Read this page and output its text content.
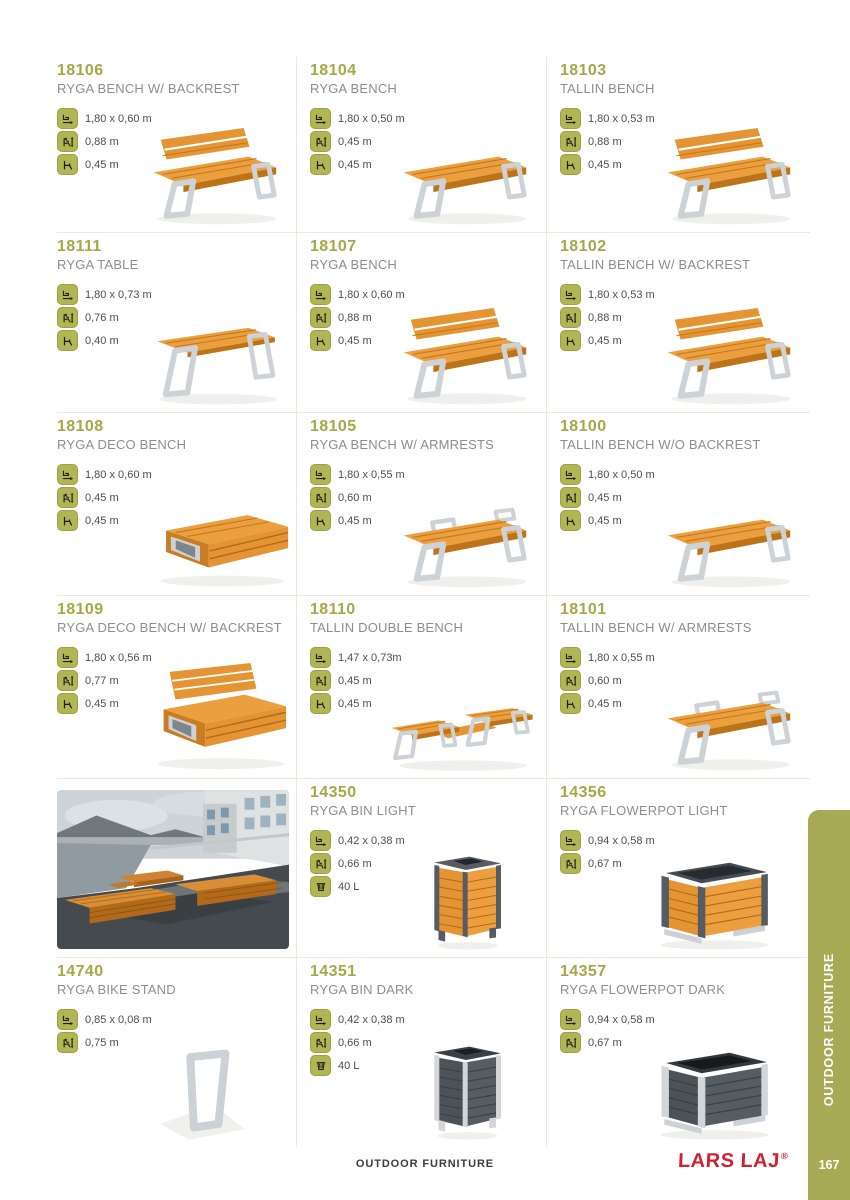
18106
RYGA BENCH W/ BACKREST
1,80 x 0,60 m
0,88 m
0,45 m
18104
RYGA BENCH
1,80 x 0,50 m
0,45 m
0,45 m
18103
TALLIN BENCH
1,80 x 0,53 m
0,88 m
0,45 m
18111
RYGA TABLE
1,80 x 0,73 m
0,76 m
0,40 m
18107
RYGA BENCH
1,80 x 0,60 m
0,88 m
0,45 m
18102
TALLIN BENCH W/ BACKREST
1,80 x 0,53 m
0,88 m
0,45 m
18108
RYGA DECO BENCH
1,80 x 0,60 m
0,45 m
0,45 m
18105
RYGA BENCH W/ ARMRESTS
1,80 x 0,55 m
0,60 m
0,45 m
18100
TALLIN BENCH W/O BACKREST
1,80 x 0,50 m
0,45 m
0,45 m
18109
RYGA DECO BENCH W/ BACKREST
1,80 x 0,56 m
0,77 m
0,45 m
18110
TALLIN DOUBLE BENCH
1,47 x 0,73m
0,45 m
0,45 m
18101
TALLIN BENCH W/ ARMRESTS
1,80 x 0,55 m
0,60 m
0,45 m
14350
RYGA BIN LIGHT
0,42 x 0,38 m
0,66 m
40 L
14356
RYGA FLOWERPOT LIGHT
0,94 x 0,58 m
0,67 m
14740
RYGA BIKE STAND
0,85 x 0,08 m
0,75 m
14351
RYGA BIN DARK
0,42 x 0,38 m
0,66 m
40 L
14357
RYGA FLOWERPOT DARK
0,94 x 0,58 m
0,67 m
OUTDOOR FURNITURE	LARS LAJ®
OUTDOOR FURNITURE
167
